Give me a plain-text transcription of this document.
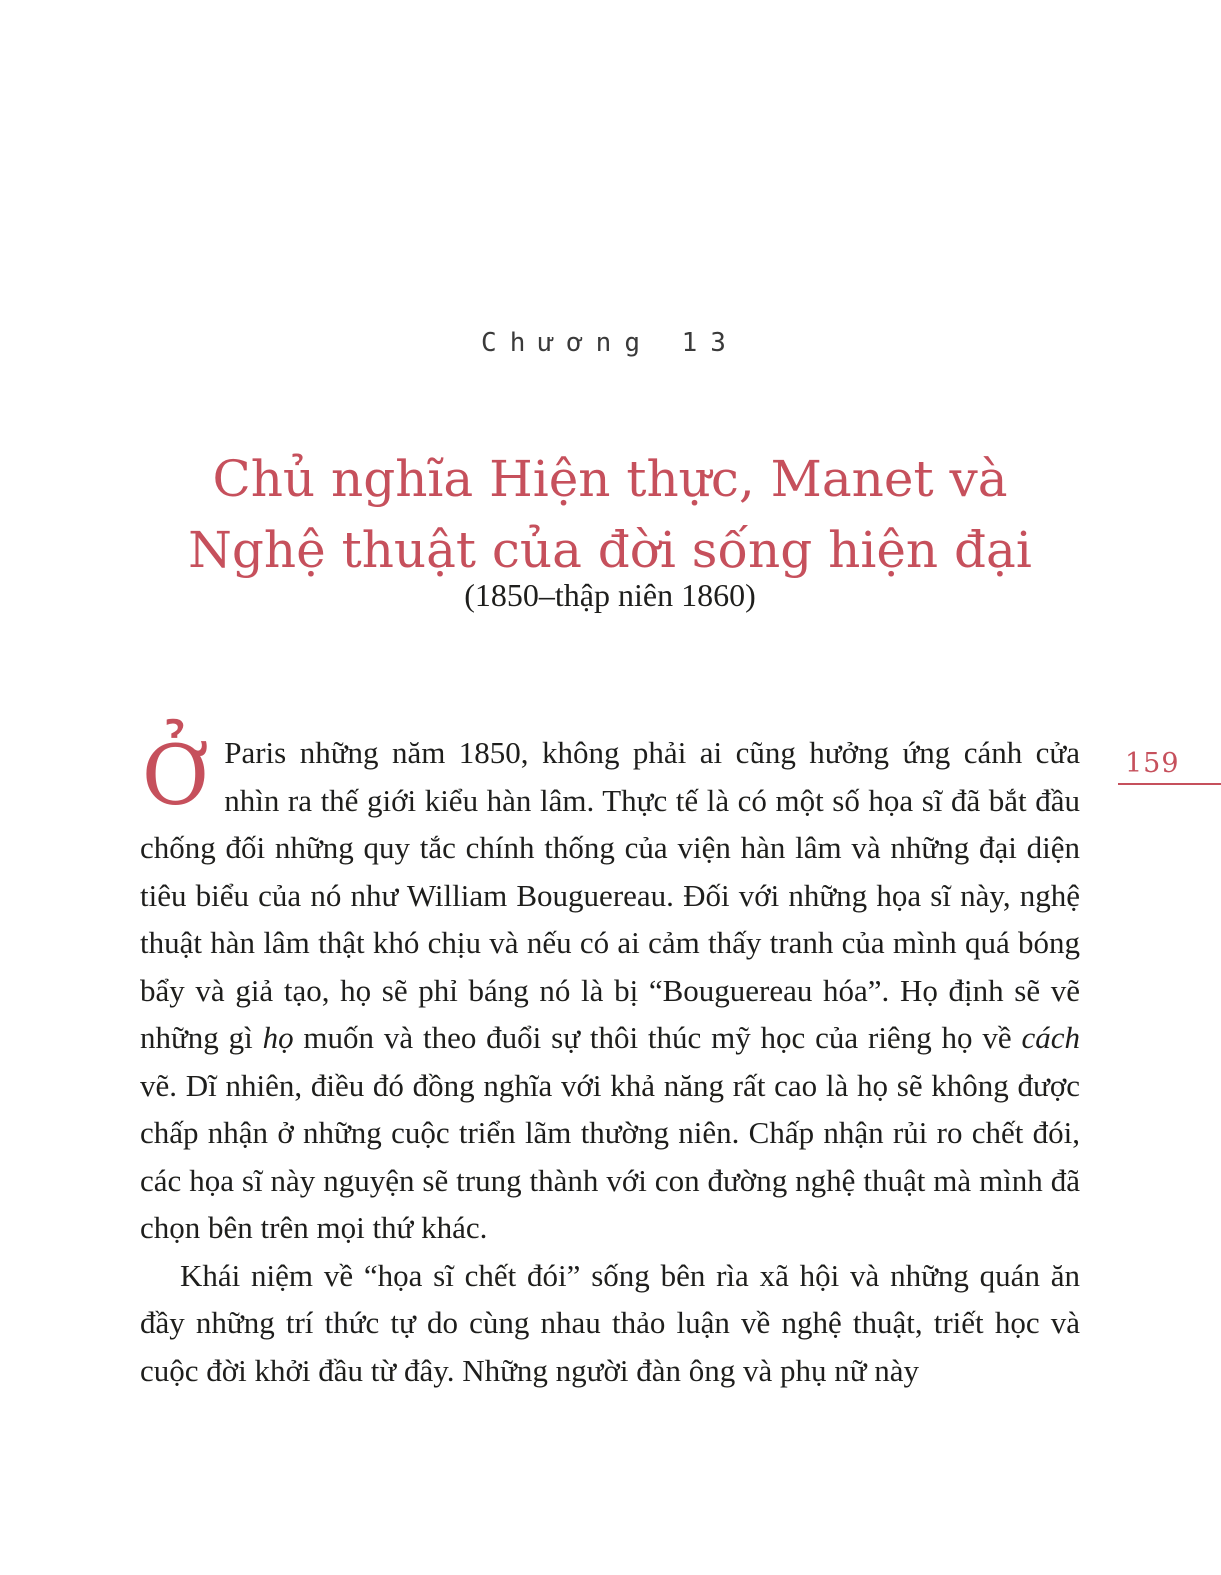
Chương 13
Chủ nghĩa Hiện thực, Manet và
Nghệ thuật của đời sống hiện đại
(1850–thập niên 1860)

Ở Paris những năm 1850, không phải ai cũng hưởng ứng cánh cửa nhìn ra thế giới kiểu hàn lâm. Thực tế là có một số họa sĩ đã bắt đầu chống đối những quy tắc chính thống của viện hàn lâm và những đại diện tiêu biểu của nó như William Bouguereau. Đối với những họa sĩ này, nghệ thuật hàn lâm thật khó chịu và nếu có ai cảm thấy tranh của mình quá bóng bẩy và giả tạo, họ sẽ phỉ báng nó là bị “Bouguereau hóa”. Họ định sẽ vẽ những gì họ muốn và theo đuổi sự thôi thúc mỹ học của riêng họ về cách vẽ. Dĩ nhiên, điều đó đồng nghĩa với khả năng rất cao là họ sẽ không được chấp nhận ở những cuộc triển lãm thường niên. Chấp nhận rủi ro chết đói, các họa sĩ này nguyện sẽ trung thành với con đường nghệ thuật mà mình đã chọn bên trên mọi thứ khác.

Khái niệm về “họa sĩ chết đói” sống bên rìa xã hội và những quán ăn đầy những trí thức tự do cùng nhau thảo luận về nghệ thuật, triết học và cuộc đời khởi đầu từ đây. Những người đàn ông và phụ nữ này

159
